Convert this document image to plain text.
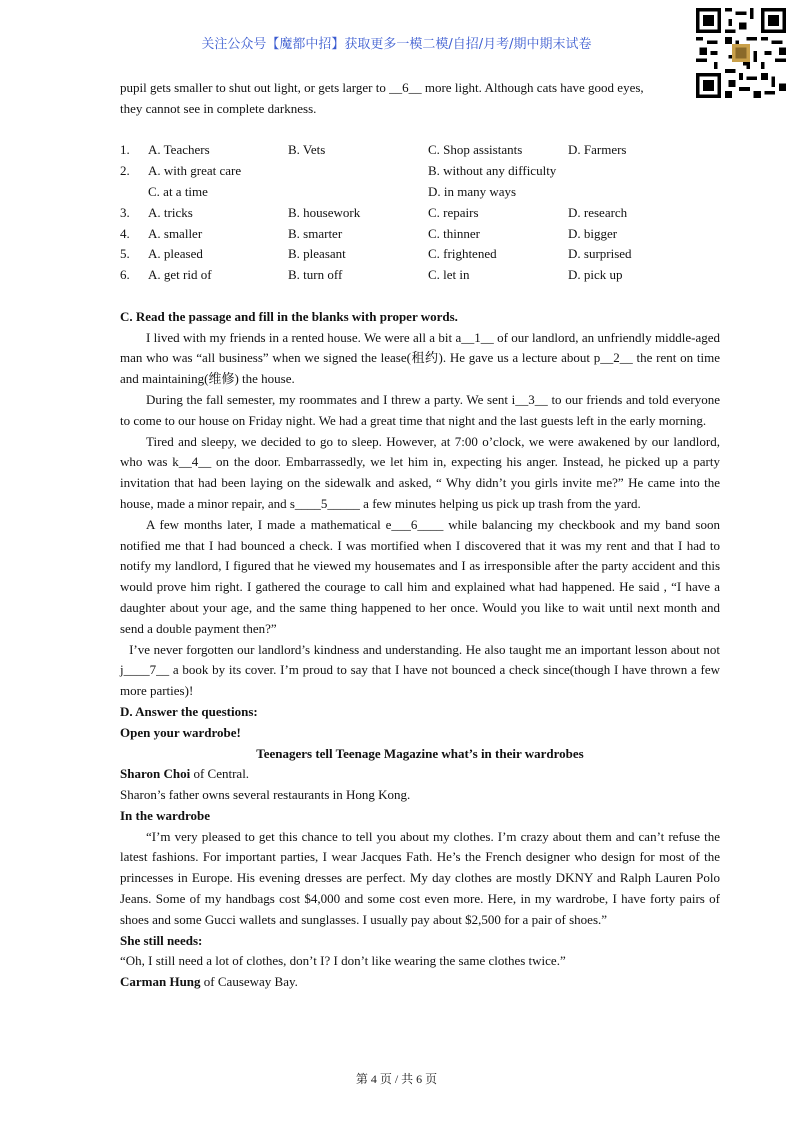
关注公众号【魔都中招】获取更多一模二模/自招/月考/期中期末试卷

pupil gets smaller to shut out light, or gets larger to __6__ more light. Although cats have good eyes,

they cannot see in complete darkness.

1.	A. Teachers	B. Vets	C. Shop assistants	D. Farmers
2.	A. with great care	B. without any difficulty
C. at a time	D. in many ways
3.	A. tricks	B. housework	C. repairs	D. research
4.	A. smaller	B. smarter	C. thinner	D. bigger
5.	A. pleased	B. pleasant	C. frightened	D. surprised
6.	A. get rid of	B. turn off	C. let in	D. pick up

C. Read the passage and fill in the blanks with proper words.

I lived with my friends in a rented house. We were all a bit a__1__ of our landlord, an unfriendly middle-aged man who was “all business” when we signed the lease(租约). He gave us a lecture about p__2__ the rent on time and maintaining(维修) the house.

During the fall semester, my roommates and I threw a party. We sent i__3__ to our friends and told everyone to come to our house on Friday night. We had a great time that night and the last guests left in the early morning.

Tired and sleepy, we decided to go to sleep. However, at 7:00 o’clock, we were awakened by our landlord, who was k__4__ on the door. Embarrassedly, we let him in, expecting his anger. Instead, he picked up a party invitation that had been laying on the sidewalk and asked, “ Why didn’t you girls invite me?” He came into the house, made a minor repair, and s____5_____ a few minutes helping us pick up trash from the yard.

A few months later, I made a mathematical e___6____ while balancing my checkbook and my band soon notified me that I had bounced a check. I was mortified when I discovered that it was my rent and that I had to notify my landlord, I figured that he viewed my housemates and I as irresponsible after the party accident and this would prove him right. I gathered the courage to call him and explained what had happened. He said , “I have a daughter about your age, and the same thing happened to her once. Would you like to wait until next month and send a double payment then?”

I’ve never forgotten our landlord’s kindness and understanding. He also taught me an important lesson about not j____7__ a book by its cover. I’m proud to say that I have not bounced a check since(though I have thrown a few more parties)!

D. Answer the questions:

Open your wardrobe!

Teenagers tell Teenage Magazine what’s in their wardrobes

Sharon Choi of Central.

Sharon’s father owns several restaurants in Hong Kong.

In the wardrobe

“I’m very pleased to get this chance to tell you about my clothes. I’m crazy about them and can’t refuse the latest fashions. For important parties, I wear Jacques Fath. He’s the French designer who design for most of the princesses in Europe. His evening dresses are perfect. My day clothes are mostly DKNY and Ralph Lauren Polo Jeans. Some of my handbags cost $4,000 and some cost even more. Here, in my wardrobe, I have forty pairs of shoes and some Gucci wallets and sunglasses. I usually pay about $2,500 for a pair of shoes.”

She still needs:

“Oh, I still need a lot of clothes, don’t I? I don’t like wearing the same clothes twice.”

Carman Hung of Causeway Bay.

第 4 页 / 共 6 页
